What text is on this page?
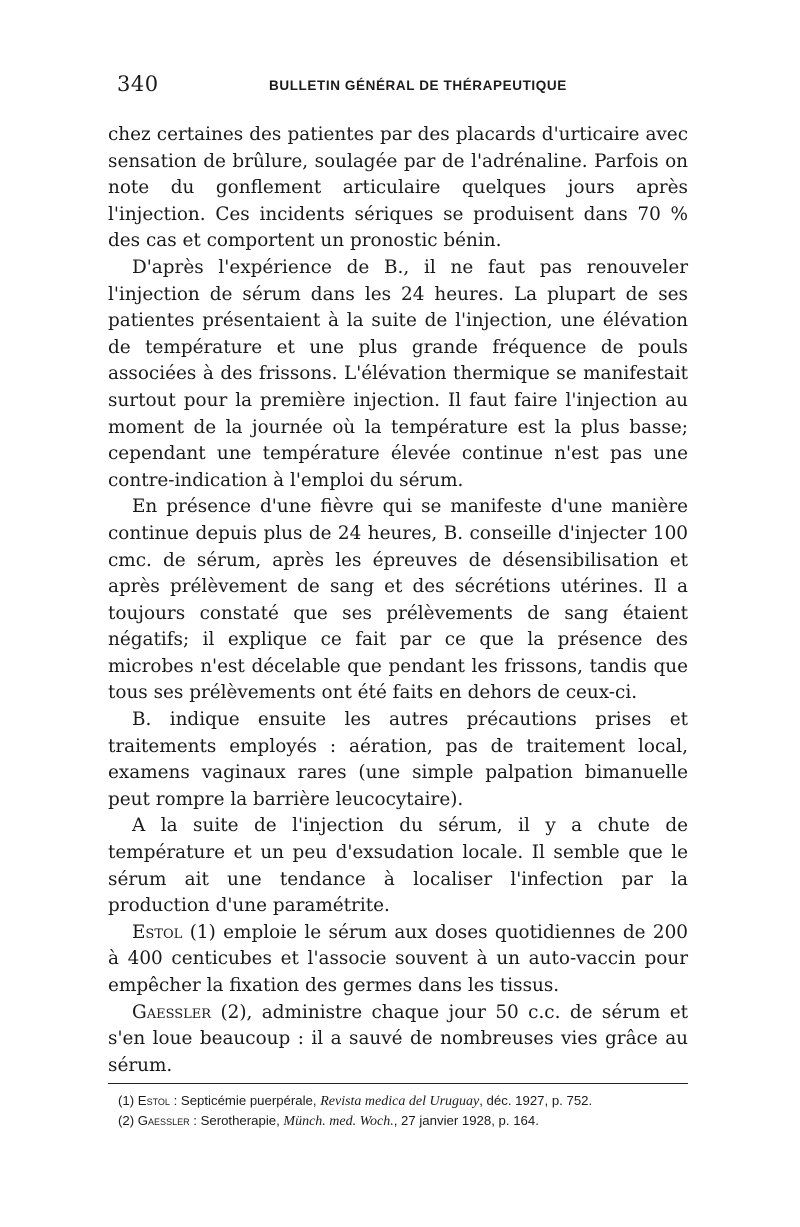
340	BULLETIN GÉNÉRAL DE THÉRAPEUTIQUE

chez certaines des patientes par des placards d'urticaire avec sensation de brûlure, soulagée par de l'adrénaline. Parfois on note du gonflement articulaire quelques jours après l'injection. Ces incidents sériques se produisent dans 70 % des cas et comportent un pronostic bénin.

D'après l'expérience de B., il ne faut pas renouveler l'injection de sérum dans les 24 heures. La plupart de ses patientes présentaient à la suite de l'injection, une élévation de température et une plus grande fréquence de pouls associées à des frissons. L'élévation thermique se manifestait surtout pour la première injection. Il faut faire l'injection au moment de la journée où la température est la plus basse; cependant une température élevée continue n'est pas une contre-indication à l'emploi du sérum.

En présence d'une fièvre qui se manifeste d'une manière continue depuis plus de 24 heures, B. conseille d'injecter 100 cmc. de sérum, après les épreuves de désensibilisation et après prélèvement de sang et des sécrétions utérines. Il a toujours constaté que ses prélèvements de sang étaient négatifs; il explique ce fait par ce que la présence des microbes n'est décelable que pendant les frissons, tandis que tous ses prélèvements ont été faits en dehors de ceux-ci.

B. indique ensuite les autres précautions prises et traitements employés : aération, pas de traitement local, examens vaginaux rares (une simple palpation bimanuelle peut rompre la barrière leucocytaire).

A la suite de l'injection du sérum, il y a chute de température et un peu d'exsudation locale. Il semble que le sérum ait une tendance à localiser l'infection par la production d'une paramétrite.

Estol (1) emploie le sérum aux doses quotidiennes de 200 à 400 centicubes et l'associe souvent à un auto-vaccin pour empêcher la fixation des germes dans les tissus.

Gaessler (2), administre chaque jour 50 c.c. de sérum et s'en loue beaucoup : il a sauvé de nombreuses vies grâce au sérum.

(1) Estol : Septicémie puerpérale, Revista medica del Uruguay, déc. 1927, p. 752.
(2) Gaessler : Serotherapie, Münch. med. Woch., 27 janvier 1928, p. 164.
